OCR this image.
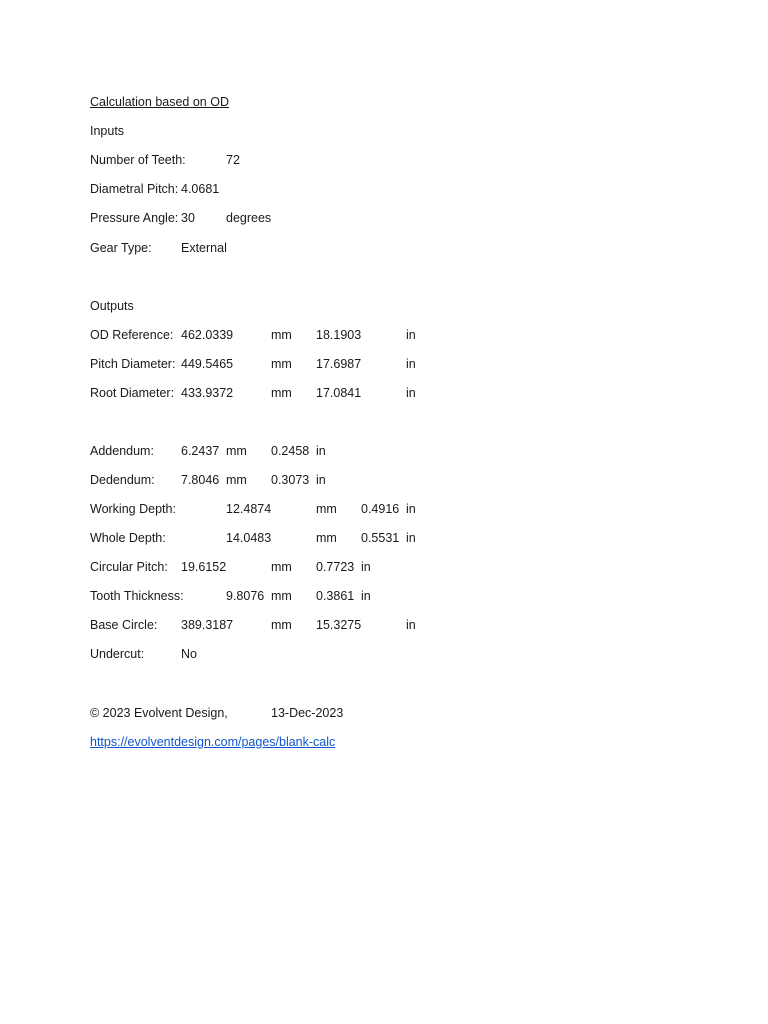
Calculation based on OD
Inputs
Number of Teeth:	72
Diametral Pitch: 4.0681
Pressure Angle: 30 degrees
Gear Type: External
Outputs
OD Reference: 462.0339	mm 18.1903	in
Pitch Diameter: 449.5465	mm 17.6987	in
Root Diameter: 433.9372	mm 17.0841	in
Addendum: 6.2437 mm 0.2458 in
Dedendum: 7.8046 mm 0.3073 in
Working Depth:	12.4874	mm 0.4916 in
Whole Depth:	14.0483	mm 0.5531 in
Circular Pitch: 19.6152	mm 0.7723 in
Tooth Thickness:	9.8076 mm 0.3861 in
Base Circle: 389.3187	mm 15.3275	in
Undercut:	No
© 2023 Evolvent Design,	13-Dec-2023
https://evolventdesign.com/pages/blank-calc
